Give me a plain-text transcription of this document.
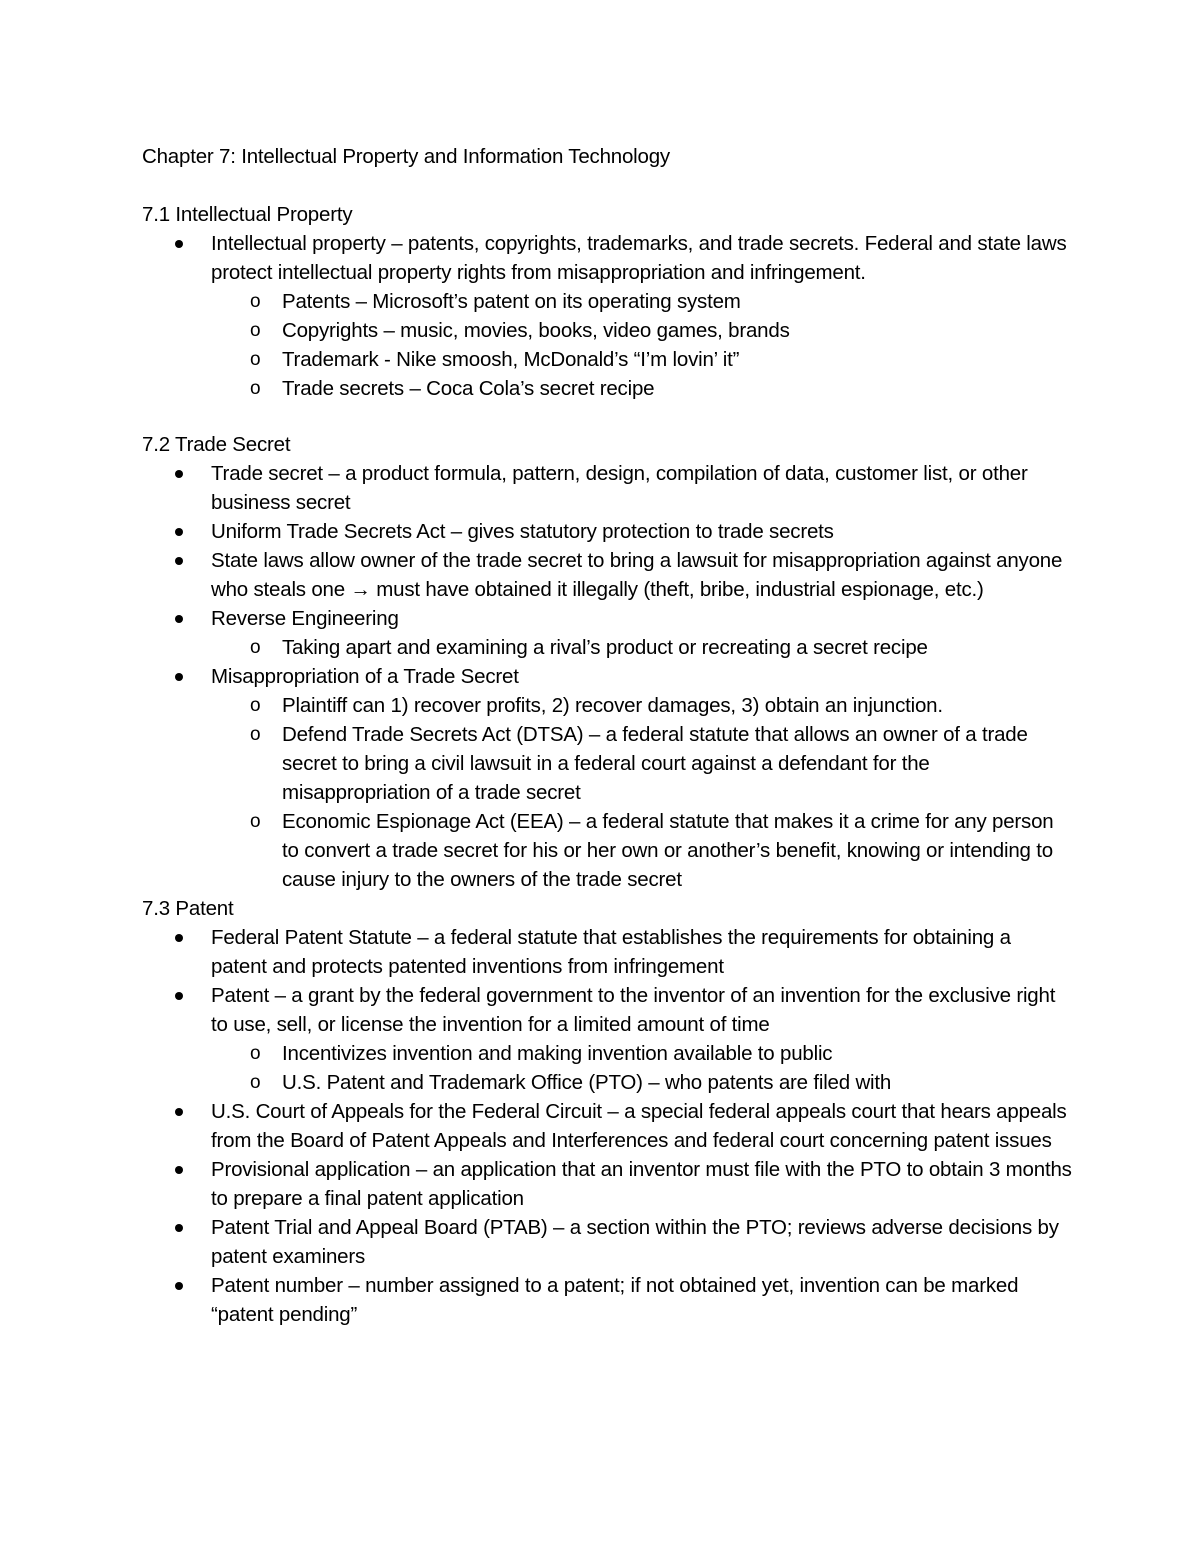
Chapter 7: Intellectual Property and Information Technology

7.1 Intellectual Property

Intellectual property – patents, copyrights, trademarks, and trade secrets. Federal and state laws protect intellectual property rights from misappropriation and infringement.
o Patents – Microsoft’s patent on its operating system
o Copyrights – music, movies, books, video games, brands
o Trademark - Nike smoosh, McDonald’s “I’m lovin’ it”
o Trade secrets – Coca Cola’s secret recipe

7.2 Trade Secret

Trade secret – a product formula, pattern, design, compilation of data, customer list, or other business secret
Uniform Trade Secrets Act – gives statutory protection to trade secrets
State laws allow owner of the trade secret to bring a lawsuit for misappropriation against anyone who steals one → must have obtained it illegally (theft, bribe, industrial espionage, etc.)
Reverse Engineering
o Taking apart and examining a rival’s product or recreating a secret recipe
Misappropriation of a Trade Secret
o Plaintiff can 1) recover profits, 2) recover damages, 3) obtain an injunction.
o Defend Trade Secrets Act (DTSA) – a federal statute that allows an owner of a trade secret to bring a civil lawsuit in a federal court against a defendant for the misappropriation of a trade secret
o Economic Espionage Act (EEA) – a federal statute that makes it a crime for any person to convert a trade secret for his or her own or another’s benefit, knowing or intending to cause injury to the owners of the trade secret

7.3 Patent

Federal Patent Statute – a federal statute that establishes the requirements for obtaining a patent and protects patented inventions from infringement
Patent – a grant by the federal government to the inventor of an invention for the exclusive right to use, sell, or license the invention for a limited amount of time
o Incentivizes invention and making invention available to public
o U.S. Patent and Trademark Office (PTO) – who patents are filed with
U.S. Court of Appeals for the Federal Circuit – a special federal appeals court that hears appeals from the Board of Patent Appeals and Interferences and federal court concerning patent issues
Provisional application – an application that an inventor must file with the PTO to obtain 3 months to prepare a final patent application
Patent Trial and Appeal Board (PTAB) – a section within the PTO; reviews adverse decisions by patent examiners
Patent number – number assigned to a patent; if not obtained yet, invention can be marked “patent pending”
